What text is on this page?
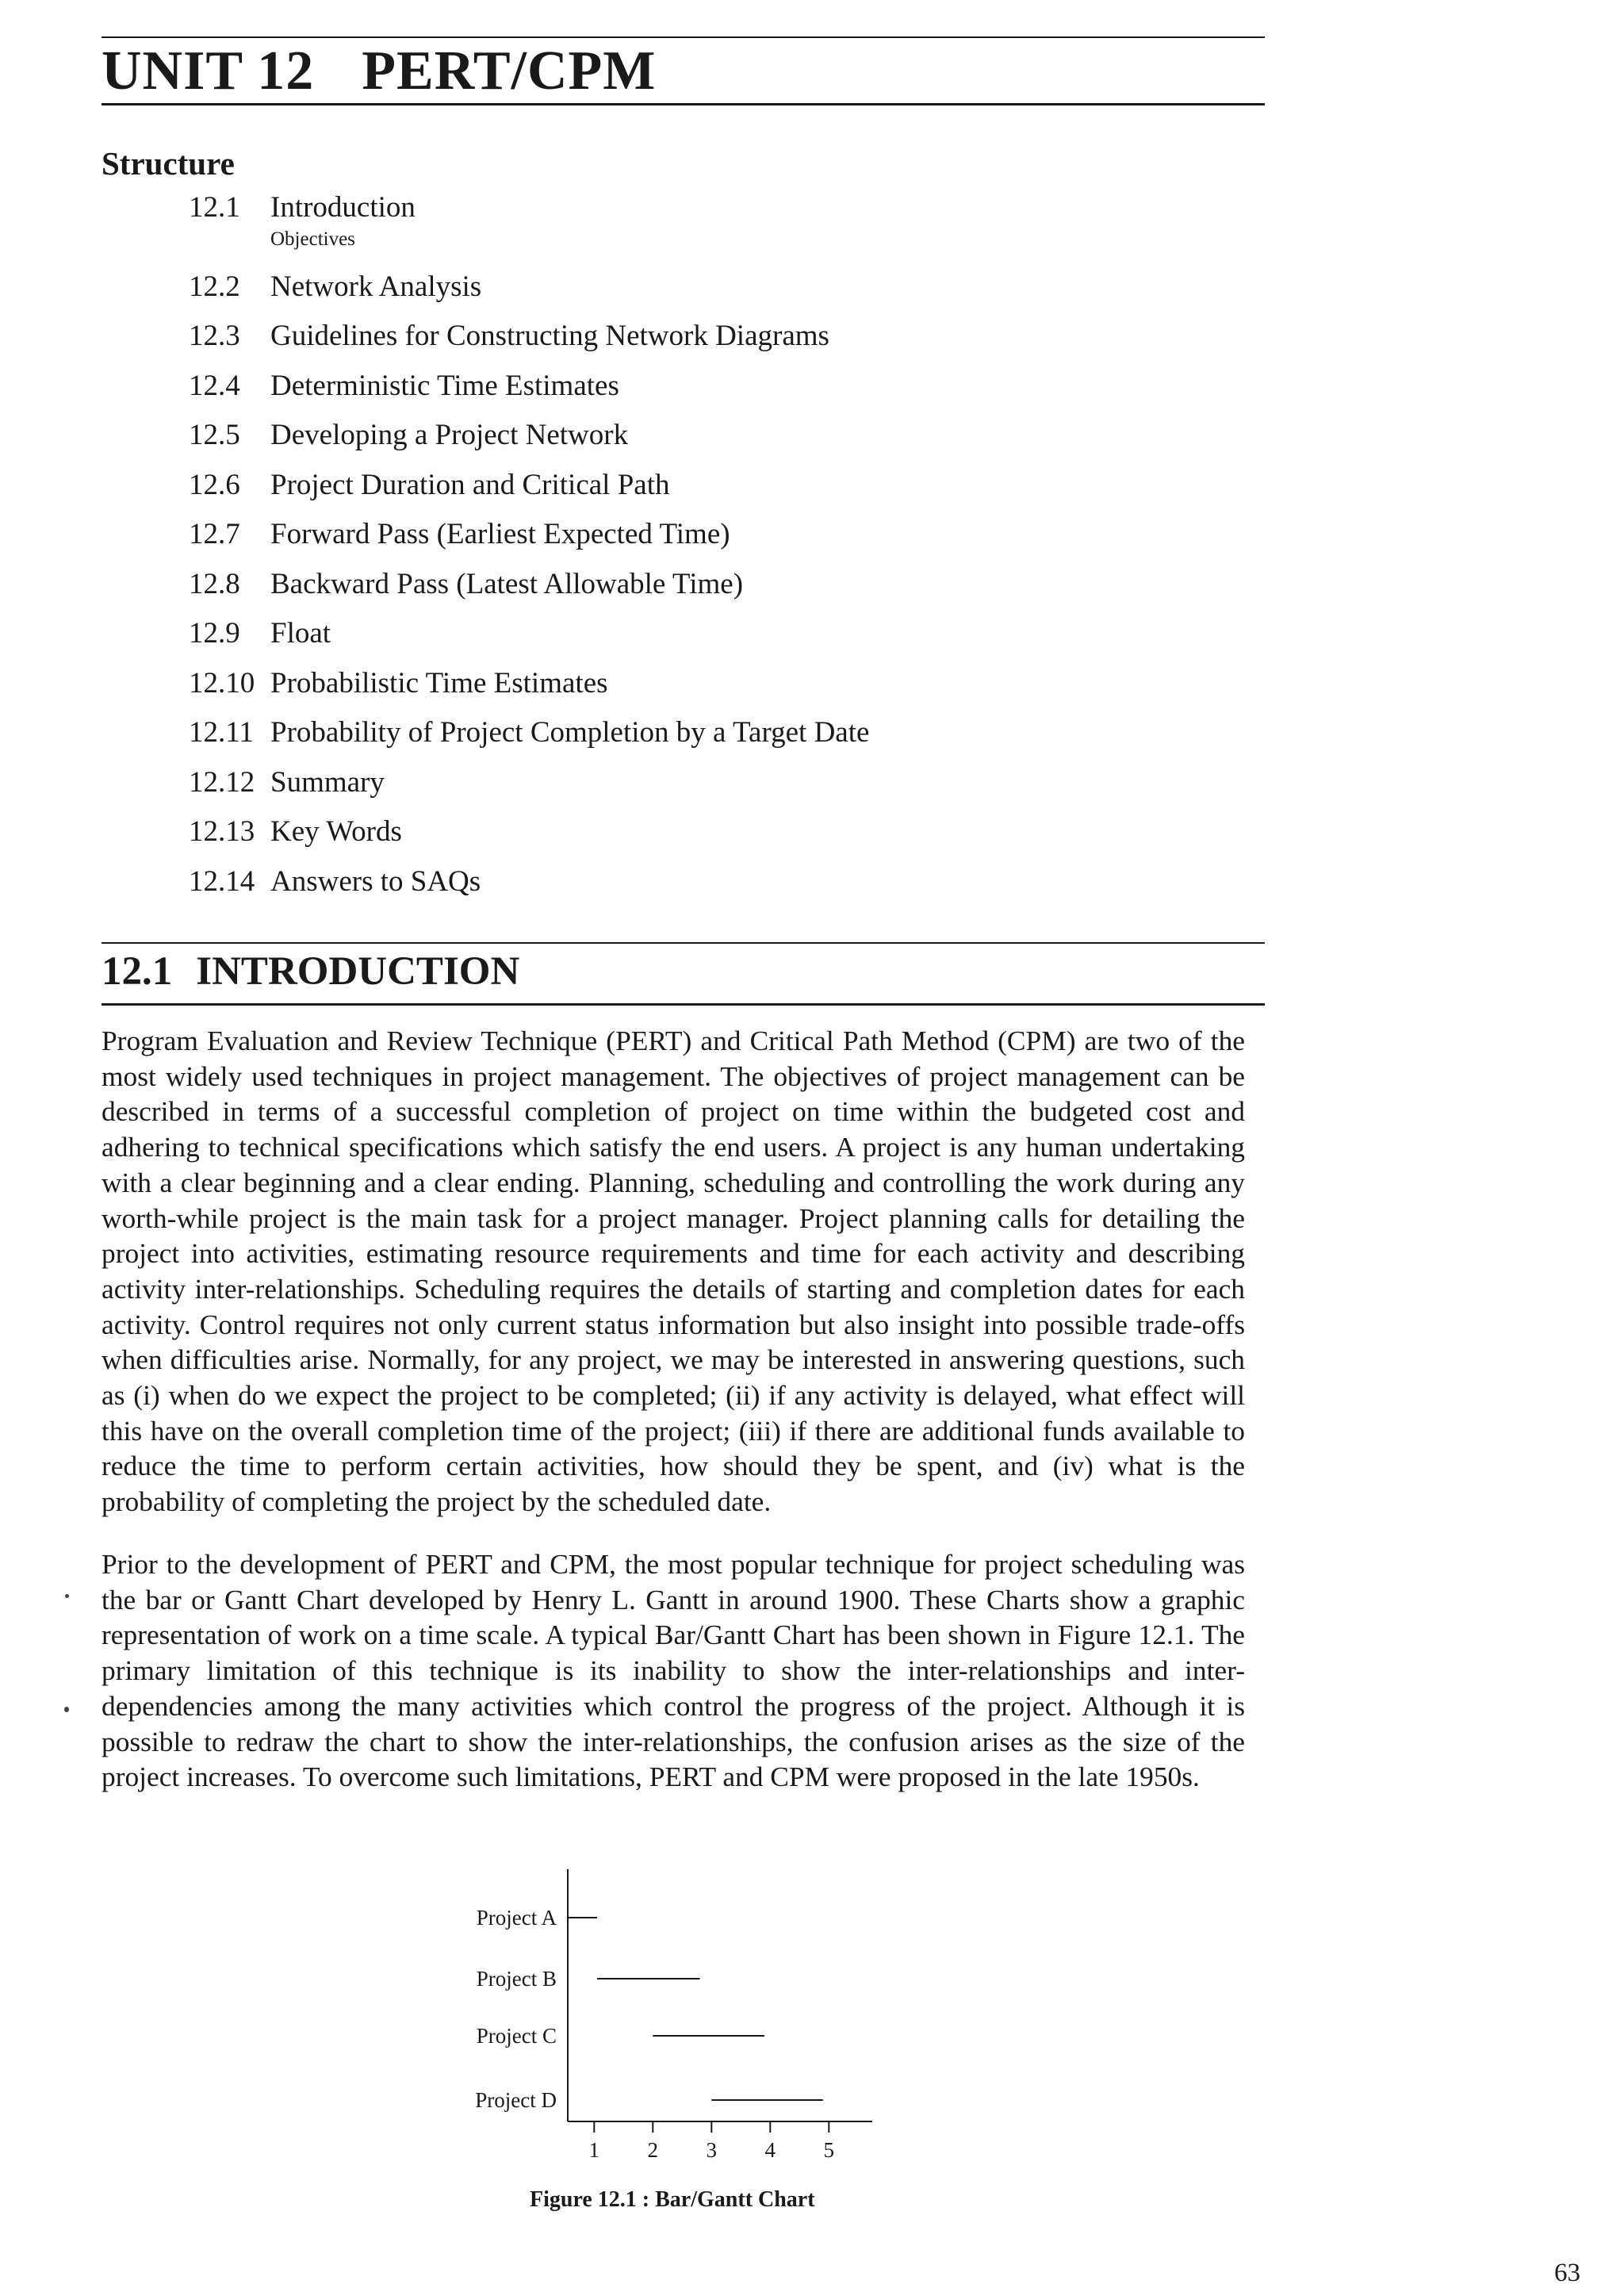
UNIT 12 PERT/CPM
Structure
12.1 Introduction
Objectives
12.2 Network Analysis
12.3 Guidelines for Constructing Network Diagrams
12.4 Deterministic Time Estimates
12.5 Developing a Project Network
12.6 Project Duration and Critical Path
12.7 Forward Pass (Earliest Expected Time)
12.8 Backward Pass (Latest Allowable Time)
12.9 Float
12.10 Probabilistic Time Estimates
12.11 Probability of Project Completion by a Target Date
12.12 Summary
12.13 Key Words
12.14 Answers to SAQs
12.1 INTRODUCTION

Program Evaluation and Review Technique (PERT) and Critical Path Method (CPM) are two of the most widely used techniques in project management. The objectives of project management can be described in terms of a successful completion of project on time within the budgeted cost and adhering to technical specifications which satisfy the end users. A project is any human undertaking with a clear beginning and a clear ending. Planning, scheduling and controlling the work during any worth-while project is the main task for a project manager. Project planning calls for detailing the project into activities, estimating resource requirements and time for each activity and describing activity inter-relationships. Scheduling requires the details of starting and completion dates for each activity. Control requires not only current status information but also insight into possible trade-offs when difficulties arise. Normally, for any project, we may be interested in answering questions, such as (i) when do we expect the project to be completed; (ii) if any activity is delayed, what effect will this have on the overall completion time of the project; (iii) if there are additional funds available to reduce the time to perform certain activities, how should they be spent, and (iv) what is the probability of completing the project by the scheduled date.

Prior to the development of PERT and CPM, the most popular technique for project scheduling was the bar or Gantt Chart developed by Henry L. Gantt in around 1900. These Charts show a graphic representation of work on a time scale. A typical Bar/Gantt Chart has been shown in Figure 12.1. The primary limitation of this technique is its inability to show the inter-relationships and inter-dependencies among the many activities which control the progress of the project. Although it is possible to redraw the chart to show the inter-relationships, the confusion arises as the size of the project increases. To overcome such limitations, PERT and CPM were proposed in the late 1950s.

Project A
Project B
Project C
Project D
1 2 3 4 5
Figure 12.1 : Bar/Gantt Chart
63
